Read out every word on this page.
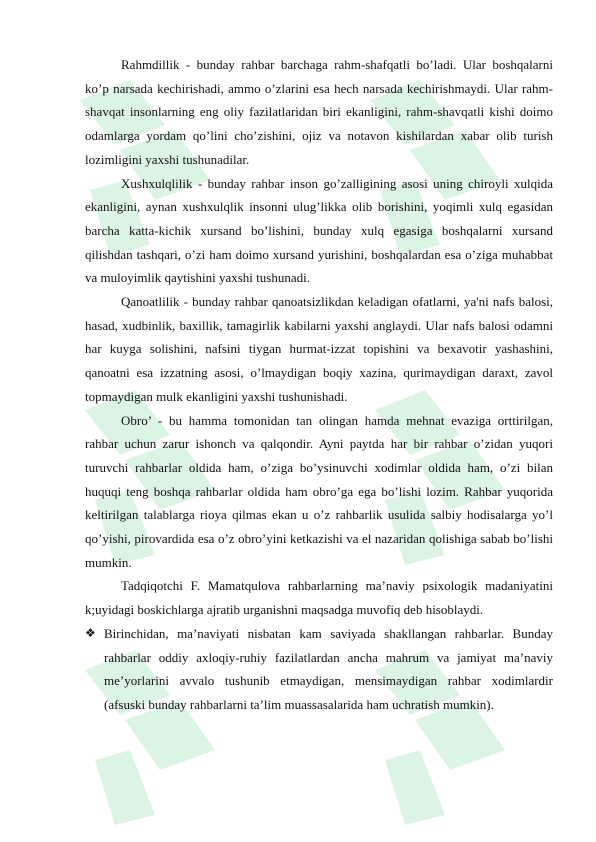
Rahmdillik - bunday rahbar barchaga rahm-shafqatli bo’ladi. Ular boshqalarni ko’p narsada kechirishadi, ammo o’zlarini esa hech narsada kechirishmaydi. Ular rahm-shavqat insonlarning eng oliy fazilatlaridan biri ekanligini, rahm-shavqatli kishi doimo odamlarga yordam qo’lini cho’zishini, ojiz va notavon kishilardan xabar olib turish lozimligini yaxshi tushunadilar.

Xushxulqlilik - bunday rahbar inson go’zalligining asosi uning chiroyli xulqida ekanligini, aynan xushxulqlik insonni ulug’likka olib borishini, yoqimli xulq egasidan barcha katta-kichik xursand bo’lishini, bunday xulq egasiga boshqalarni xursand qilishdan tashqari, o’zi ham doimo xursand yurishini, boshqalardan esa o’ziga muhabbat va muloyimlik qaytishini yaxshi tushunadi.

Qanoatlilik - bunday rahbar qanoatsizlikdan keladigan ofatlarni, ya'ni nafs balosi, hasad, xudbinlik, baxillik, tamagirlik kabilarni yaxshi anglaydi. Ular nafs balosi odamni har kuyga solishini, nafsini tiygan hurmat-izzat topishini va bexavotir yashashini, qanoatni esa izzatning asosi, o’lmaydigan boqiy xazina, qurimaydigan daraxt, zavol topmaydigan mulk ekanligini yaxshi tushunishadi.

Obro’ - bu hamma tomonidan tan olingan hamda mehnat evaziga orttirilgan, rahbar uchun zarur ishonch va qalqondir. Ayni paytda har bir rahbar o’zidan yuqori turuvchi rahbarlar oldida ham, o’ziga bo’ysinuvchi xodimlar oldida ham, o’zi bilan huquqi teng boshqa rahbarlar oldida ham obro’ga ega bo’lishi lozim. Rahbar yuqorida keltirilgan talablarga rioya qilmas ekan u o’z rahbarlik usulida salbiy hodisalarga yo’l qo’yishi, pirovardida esa o’z obro’yini ketkazishi va el nazaridan qolishiga sabab bo’lishi mumkin.

Tadqiqotchi F. Mamatqulova rahbarlarning ma’naviy psixologik madaniyatini k;uyidagi boskichlarga ajratib urganishni maqsadga muvofiq deb hisoblaydi.

❖ Birinchidan, ma’naviyati nisbatan kam saviyada shakllangan rahbarlar. Bunday rahbarlar oddiy axloqiy-ruhiy fazilatlardan ancha mahrum va jamiyat ma’naviy me’yorlarini avvalo tushunib etmaydigan, mensimaydigan rahbar xodimlardir (afsuski bunday rahbarlarni ta’lim muassasalarida ham uchratish mumkin).
